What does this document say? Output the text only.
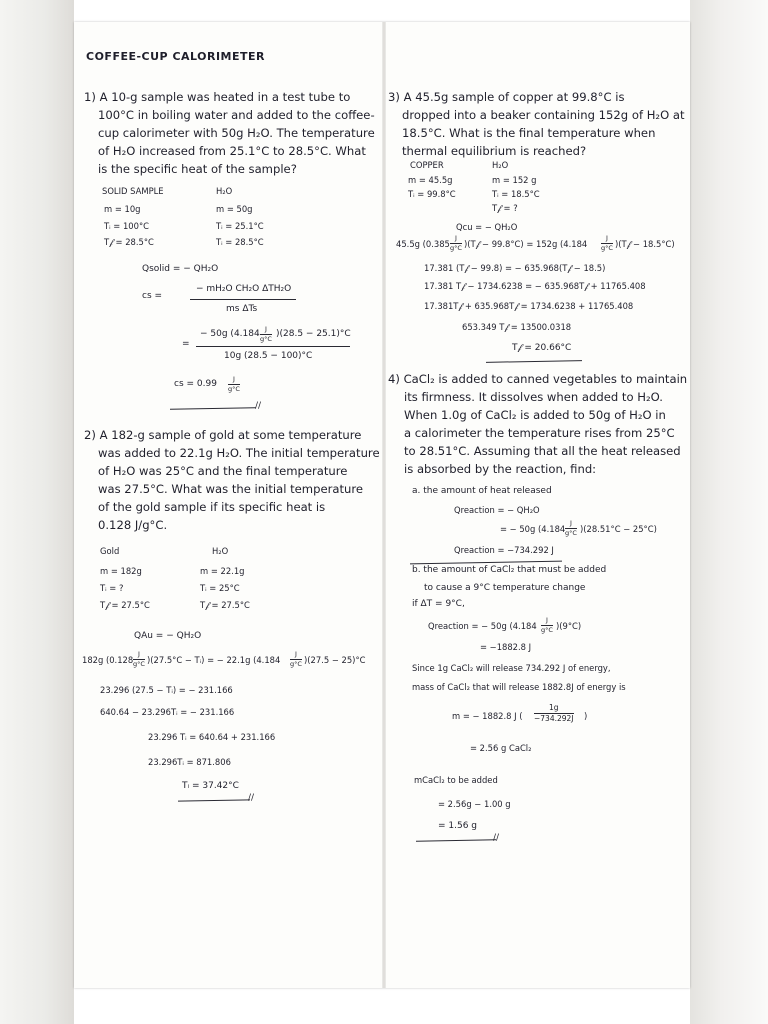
COFFEE-CUP CALORIMETER
1) A 10-g sample was heated in a test tube to
100°C in boiling water and added to the coffee-
cup calorimeter with 50g H₂O. The temperature
of H₂O increased from 25.1°C to 28.5°C. What
is the specific heat of the sample?
SOLID SAMPLE
m = 10g
Tᵢ = 100°C
T𝒻 = 28.5°C
H₂O
m = 50g
Tᵢ = 25.1°C
Tᵢ = 28.5°C
Qsolid = − QH₂O
cs =
− mH₂O CH₂O ΔTH₂O
ms ΔTs
=
− 50g (4.184 J
g°C )(28.5 − 25.1)°C
10g (28.5 − 100)°C
cs = 0.99 J
g°C
//
2) A 182-g sample of gold at some temperature
was added to 22.1g H₂O. The initial temperature
of H₂O was 25°C and the final temperature
was 27.5°C. What was the initial temperature
of the gold sample if its specific heat is
0.128 J/g°C.
Gold
m = 182g
Tᵢ = ?
T𝒻 = 27.5°C
H₂O
m = 22.1g
Tᵢ = 25°C
T𝒻 = 27.5°C
QAu = − QH₂O
182g (0.128
J
g°C )(27.5°C − Tᵢ) = − 22.1g (4.184
J
g°C )(27.5 − 25)°C
23.296 (27.5 − Tᵢ) = − 231.166
640.64 − 23.296Tᵢ = − 231.166
23.296 Tᵢ = 640.64 + 231.166
23.296Tᵢ = 871.806
Tᵢ = 37.42°C
//
3) A 45.5g sample of copper at 99.8°C is
dropped into a beaker containing 152g of H₂O at
18.5°C. What is the final temperature when
thermal equilibrium is reached?
COPPER
m = 45.5g
Tᵢ = 99.8°C
H₂O
m = 152 g
Tᵢ = 18.5°C
T𝒻 = ?
Qcu = − QH₂O
45.5g (0.385
J
g°C )(T𝒻 − 99.8°C) = 152g (4.184
J
g°C )(T𝒻 − 18.5°C)
17.381 (T𝒻 − 99.8) = − 635.968(T𝒻 − 18.5)
17.381 T𝒻 − 1734.6238 = − 635.968T𝒻 + 11765.408
17.381T𝒻 + 635.968T𝒻 = 1734.6238 + 11765.408
653.349 T𝒻 = 13500.0318
T𝒻 = 20.66°C
4) CaCl₂ is added to canned vegetables to maintain
its firmness. It dissolves when added to H₂O.
When 1.0g of CaCl₂ is added to 50g of H₂O in
a calorimeter the temperature rises from 25°C
to 28.51°C. Assuming that all the heat released
is absorbed by the reaction, find:
a. the amount of heat released
Qreaction = − QH₂O
= − 50g (4.184
J
g°C )(28.51°C − 25°C)
Qreaction = −734.292 J
b. the amount of CaCl₂ that must be added
to cause a 9°C temperature change
if ΔT = 9°C,
Qreaction = − 50g (4.184
J
g°C )(9°C)
= −1882.8 J
Since 1g CaCl₂ will release 734.292 J of energy,
mass of CaCl₂ that will release 1882.8J of energy is
m = − 1882.8 J (
1g
−734.292J )
= 2.56 g CaCl₂
mCaCl₂ to be added
= 2.56g − 1.00 g
= 1.56 g
//
